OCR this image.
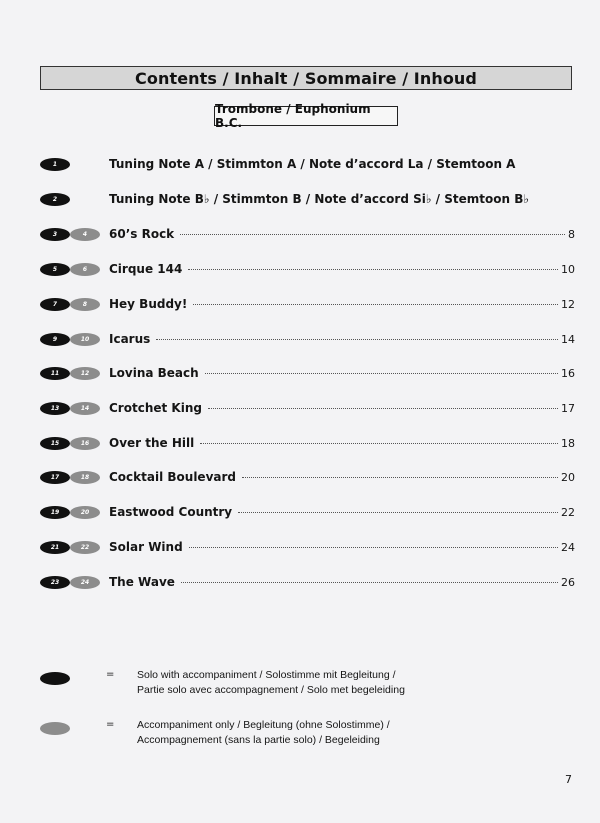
Contents / Inhalt / Sommaire / Inhoud
Trombone / Euphonium B.C.
1	Tuning Note A / Stimmton A / Note d’accord La / Stemtoon A
2	Tuning Note B♭ / Stimmton B / Note d’accord Si♭ / Stemtoon B♭
3	4	60’s Rock	8
5	6	Cirque 144	10
7	8	Hey Buddy!	12
9	10	Icarus	14
11	12	Lovina Beach	16
13	14	Crotchet King	17
15	16	Over the Hill	18
17	18	Cocktail Boulevard	20
19	20	Eastwood Country	22
21	22	Solar Wind	24
23	24	The Wave	26
= Solo with accompaniment / Solostimme mit Begleitung /
Partie solo avec accompagnement / Solo met begeleiding
= Accompaniment only / Begleitung (ohne Solostimme) /
Accompagnement (sans la partie solo) / Begeleiding
7
